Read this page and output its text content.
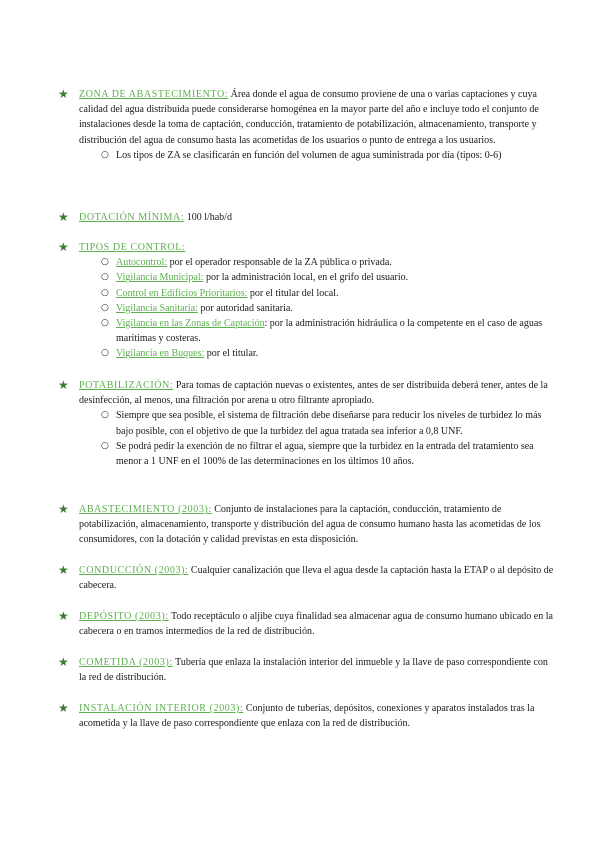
★ ZONA DE ABASTECIMIENTO: Área donde el agua de consumo proviene de una o varias captaciones y cuya calidad del agua distribuida puede considerarse homogénea en la mayor parte del año e incluye todo el conjunto de instalaciones desde la toma de captación, conducción, tratamiento de potabilización, almacenamiento, transporte y distribución del agua de consumo hasta las acometidas de los usuarios o punto de entrega a los usuarios.
○ Los tipos de ZA se clasificarán en función del volumen de agua suministrada por día (tipos: 0-6)
★ DOTACIÓN MÍNIMA: 100 l/hab/d
★ TIPOS DE CONTROL:
○ Autocontrol: por el operador responsable de la ZA pública o privada.
○ Vigilancia Municipal: por la administración local, en el grifo del usuario.
○ Control en Edificios Prioritarios: por el titular del local.
○ Vigilancia Sanitaria: por autoridad sanitaria.
○ Vigilancia en las Zonas de Captación: por la administración hidráulica o la competente en el caso de aguas marítimas y costeras.
○ Vigilancia en Buques: por el titular.
★ POTABILIZACIÓN: Para tomas de captación nuevas o existentes, antes de ser distribuida deberá tener, antes de la desinfección, al menos, una filtración por arena u otro filtrante apropiado.
○ Siempre que sea posible, el sistema de filtración debe diseñarse para reducir los niveles de turbidez lo más bajo posible, con el objetivo de que la turbidez del agua tratada sea inferior a 0,8 UNF.
○ Se podrá pedir la exención de no filtrar el agua, siempre que la turbidez en la entrada del tratamiento sea menor a 1 UNF en el 100% de las determinaciones en los últimos 10 años.
★ ABASTECIMIENTO (2003): Conjunto de instalaciones para la captación, conducción, tratamiento de potabilización, almacenamiento, transporte y distribución del agua de consumo humano hasta las acometidas de los consumidores, con la dotación y calidad previstas en esta disposición.
★ CONDUCCIÓN (2003): Cualquier canalización que lleva el agua desde la captación hasta la ETAP o al depósito de cabecera.
★ DEPÓSITO (2003): Todo receptáculo o aljibe cuya finalidad sea almacenar agua de consumo humano ubicado en la cabecera o en tramos intermedios de la red de distribución.
★ COMETIDA (2003): Tubería que enlaza la instalación interior del inmueble y la llave de paso correspondiente con la red de distribución.
★ INSTALACIÓN INTERIOR (2003): Conjunto de tuberías, depósitos, conexiones y aparatos instalados tras la acometida y la llave de paso correspondiente que enlaza con la red de distribución.
